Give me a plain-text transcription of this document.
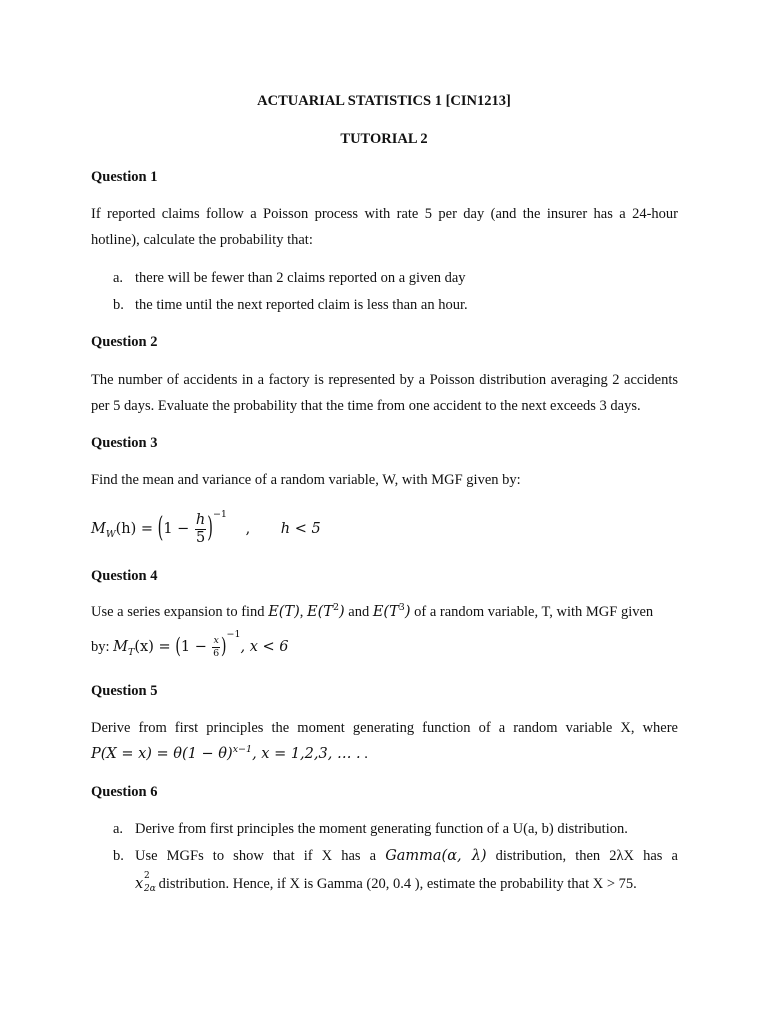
ACTUARIAL STATISTICS 1 [CIN1213]
TUTORIAL 2
Question 1
If reported claims follow a Poisson process with rate 5 per day (and the insurer has a 24-hour
hotline), calculate the probability that:
a. there will be fewer than 2 claims reported on a given day
b. the time until the next reported claim is less than an hour.
Question 2
The number of accidents in a factory is represented by a Poisson distribution averaging 2 accidents
per 5 days. Evaluate the probability that the time from one accident to the next exceeds 3 days.
Question 3
Find the mean and variance of a random variable, W, with MGF given by:
$M_W(h) = (1 - \frac{h}{5} )^{-1}$ , h < 5
Question 4
Use a series expansion to find E(T), $E(T^2)$ and $E(T^3)$ of a random variable, T, with MGF given
by: $M_T(x) = (1 - \frac{x}{6} )^{-1}$, x < 6
Question 5
Derive from first principles the moment generating function of a random variable X, where
$P(X = x) = \theta(1 - \theta)^{x-1}$, x = 1,2,3, … . .
Question 6
a. Derive from first principles the moment generating function of a U(a, b) distribution.
b. Use MGFs to show that if X has a Gamma(α, λ) distribution, then 2λX has a
x 2
2α distribution. Hence, if X is Gamma (20, 0.4 ), estimate the probability that X > 75.
